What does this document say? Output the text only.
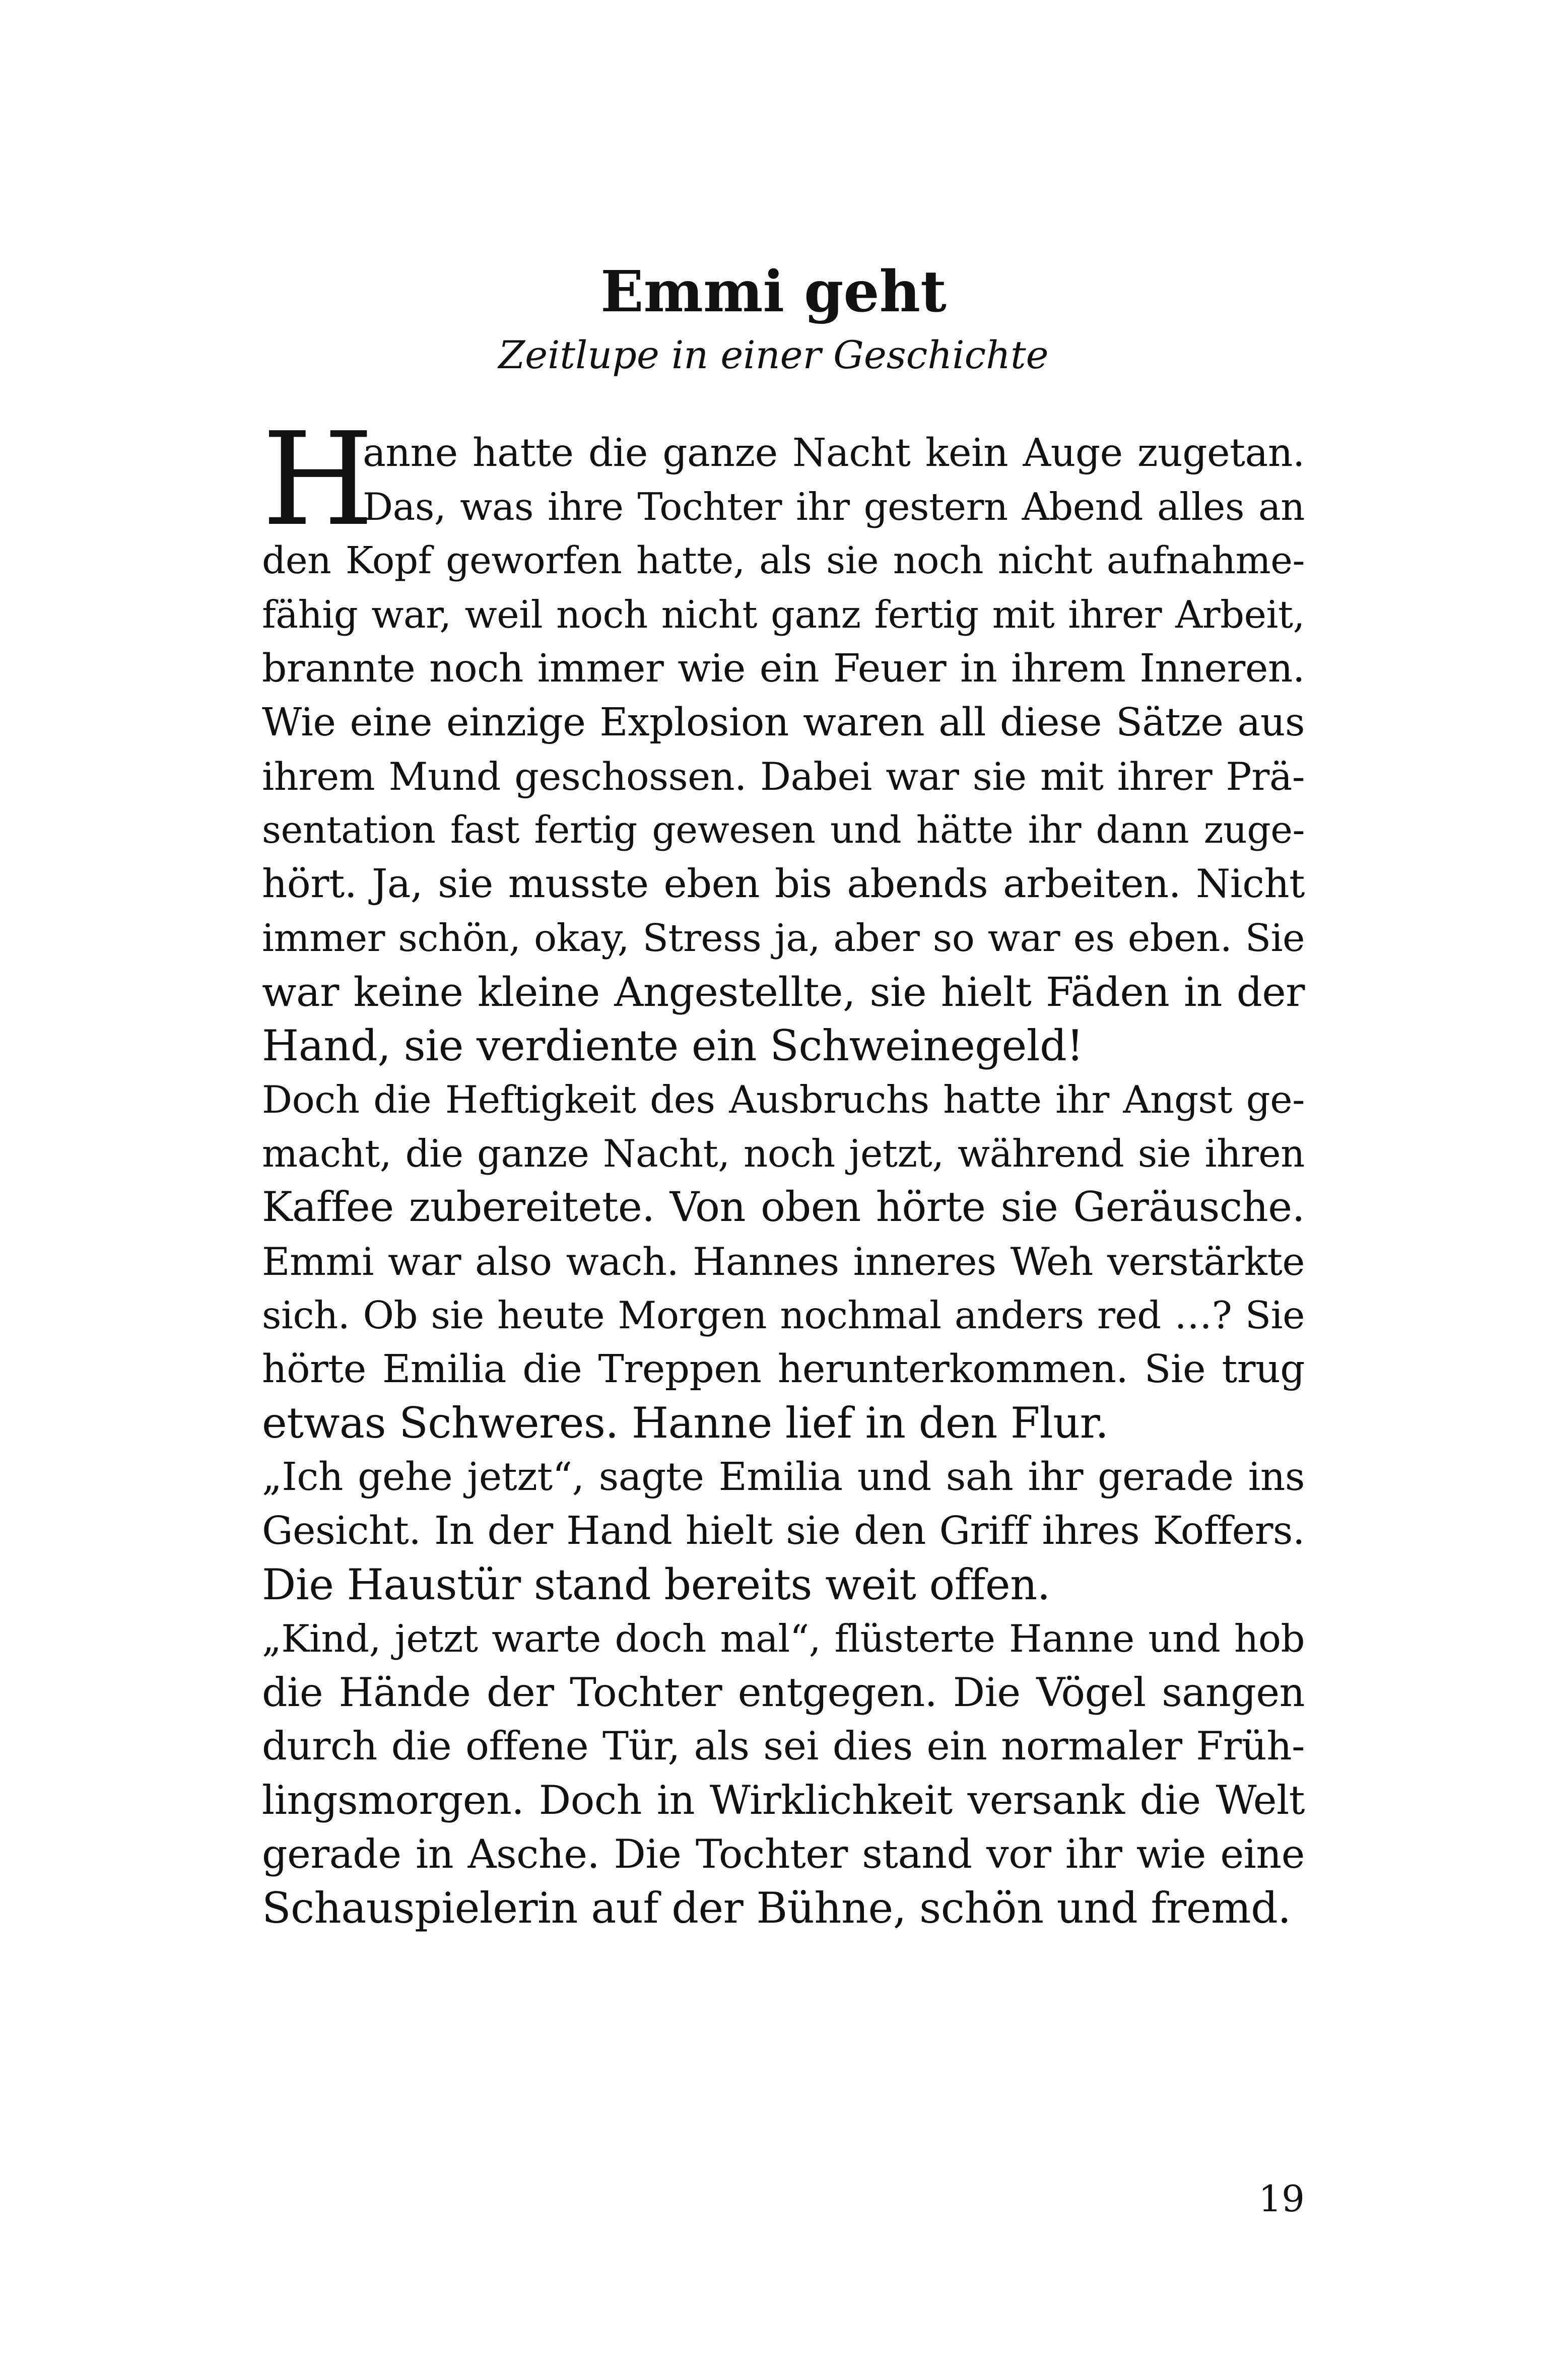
Emmi geht
Zeitlupe in einer Geschichte
H
anne hatte die ganze Nacht kein Auge zugetan.
Das, was ihre Tochter ihr gestern Abend alles an
den Kopf geworfen hatte, als sie noch nicht aufnahme-
fähig war, weil noch nicht ganz fertig mit ihrer Arbeit,
brannte noch immer wie ein Feuer in ihrem Inneren.
Wie eine einzige Explosion waren all diese Sätze aus
ihrem Mund geschossen. Dabei war sie mit ihrer Prä-
sentation fast fertig gewesen und hätte ihr dann zuge-
hört. Ja, sie musste eben bis abends arbeiten. Nicht
immer schön, okay, Stress ja, aber so war es eben. Sie
war keine kleine Angestellte, sie hielt Fäden in der
Hand, sie verdiente ein Schweinegeld!
Doch die Heftigkeit des Ausbruchs hatte ihr Angst ge-
macht, die ganze Nacht, noch jetzt, während sie ihren
Kaffee zubereitete. Von oben hörte sie Geräusche.
Emmi war also wach. Hannes inneres Weh verstärkte
sich. Ob sie heute Morgen nochmal anders red …? Sie
hörte Emilia die Treppen herunterkommen. Sie trug
etwas Schweres. Hanne lief in den Flur.
„Ich gehe jetzt“, sagte Emilia und sah ihr gerade ins
Gesicht. In der Hand hielt sie den Griff ihres Koffers.
Die Haustür stand bereits weit offen.
„Kind, jetzt warte doch mal“, flüsterte Hanne und hob
die Hände der Tochter entgegen. Die Vögel sangen
durch die offene Tür, als sei dies ein normaler Früh-
lingsmorgen. Doch in Wirklichkeit versank die Welt
gerade in Asche. Die Tochter stand vor ihr wie eine
Schauspielerin auf der Bühne, schön und fremd.
19
